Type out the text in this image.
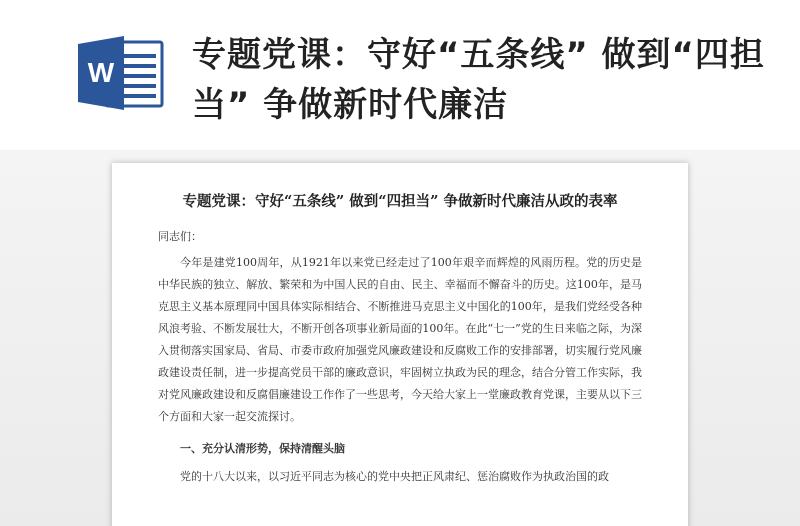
W 专题党课：守好“五条线” 做到“四担当” 争做新时代廉洁
专题党课：守好“五条线” 做到“四担当” 争做新时代廉洁从政的表率
同志们：
今年是建党100周年，从1921年以来党已经走过了100年艰辛而辉煌的风雨历程。党的历史是中华民族的独立、解放、繁荣和为中国人民的自由、民主、幸福而不懈奋斗的历史。这100年，是马克思主义基本原理同中国具体实际相结合、不断推进马克思主义中国化的100年，是我们党经受各种风浪考验、不断发展壮大，不断开创各项事业新局面的100年。在此“七一”党的生日来临之际，为深入贯彻落实国家局、省局、市委市政府加强党风廉政建设和反腐败工作的安排部署，切实履行党风廉政建设责任制，进一步提高党员干部的廉政意识，牢固树立执政为民的理念，结合分管工作实际，我对党风廉政建设和反腐倡廉建设工作作了一些思考，今天给大家上一堂廉政教育党课，主要从以下三个方面和大家一起交流探讨。
一、充分认清形势，保持清醒头脑
党的十八大以来，以习近平同志为核心的党中央把正风肃纪、惩治腐败作为执政治国的政
